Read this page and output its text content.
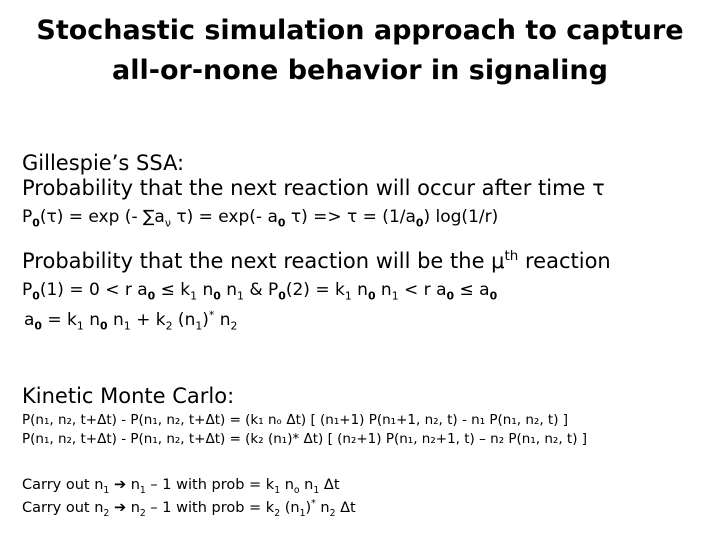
Stochastic simulation approach to capture
all-or-none behavior in signaling
Gillespie’s SSA:
Probability that the next reaction will occur after time τ
$P_0(\tau) = \exp$ (- $\sum a_\nu$ τ) = exp(- $a_0$ $\tau) => \tau = (1/a_0)$ log(1/r)
Probability that the next reaction will be the $\mu^{th}$ reaction
$P_0(1) = 0 < r$ $a_0 \le k_1$ $n_0$ $n_1$ & $P_0(2) = k_1$ $n_0$ $n_1 < r$ $a_0 \le a_0$
$a_0 = k_1$ $n_0$ $n_1 + k_2$ $(n_1)^*$ $n_2$
Kinetic Monte Carlo:
P(n₁, n₂, t+Δt) - P(n₁, n₂, t+Δt) = (k₁ nₒ Δt) [ (n₁+1) P(n₁+1, n₂, t) - n₁ P(n₁, n₂, t) ]
P(n₁, n₂, t+Δt) - P(n₁, n₂, t+Δt) = (k₂ (n₁)* Δt) [ (n₂+1) P(n₁, n₂+1, t) – n₂ P(n₁, n₂, t) ]
Carry out $n_1$ ➔ $n_1 - 1$ with prob = $k_1$ $n_o$ $n_1$ Δt
Carry out $n_2$ ➔ $n_2 - 1$ with prob = $k_2$ $(n_1)^*$ $n_2$ Δt
